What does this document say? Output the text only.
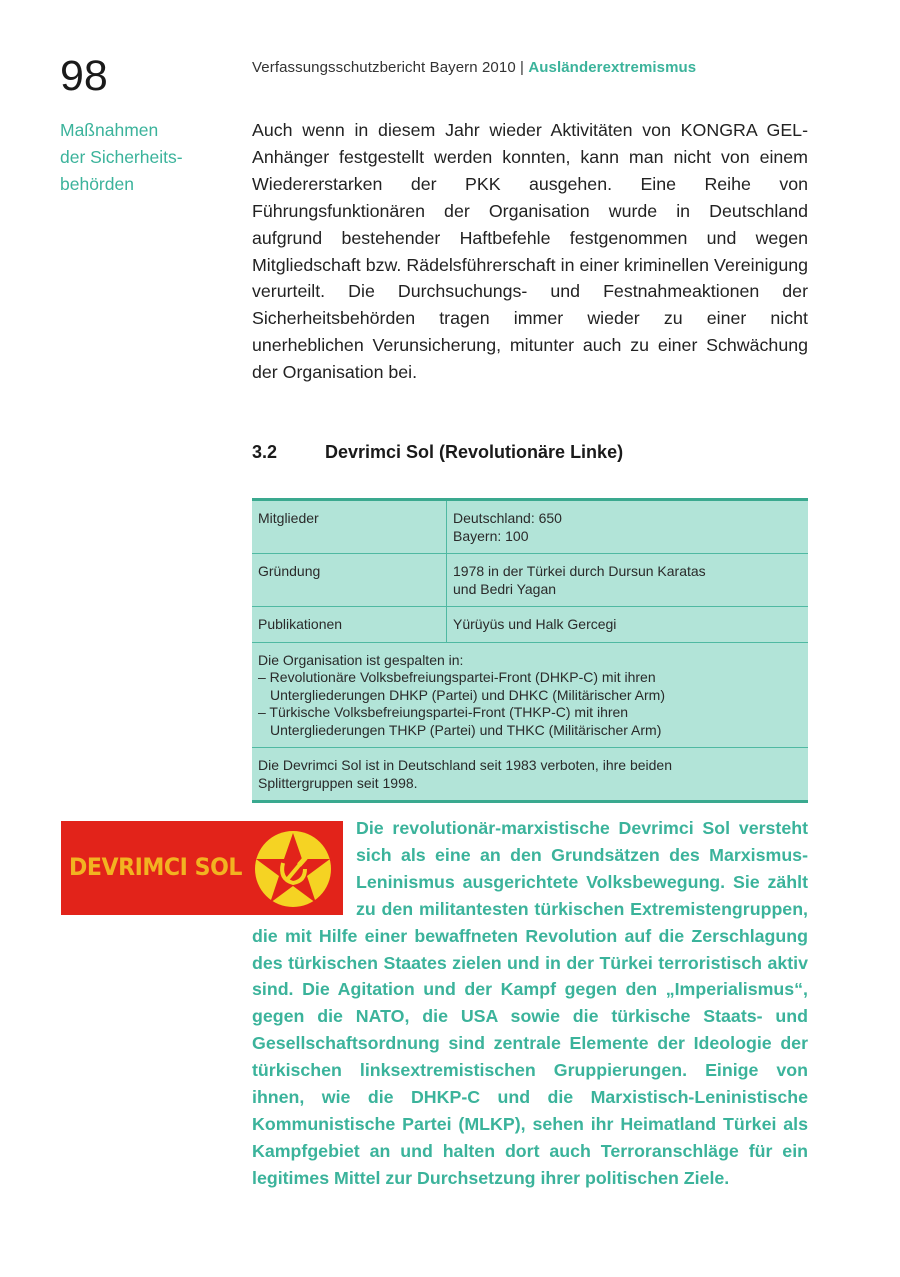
98	Verfassungsschutzbericht Bayern 2010 | Ausländerextremismus
Maßnahmen
der Sicherheits-
behörden
Auch wenn in diesem Jahr wieder Aktivitäten von KONGRA GEL-Anhänger festgestellt werden konnten, kann man nicht von einem Wiedererstarken der PKK ausgehen. Eine Reihe von Führungsfunktionären der Organisation wurde in Deutschland aufgrund bestehender Haftbefehle festgenommen und wegen Mitgliedschaft bzw. Rädelsführerschaft in einer kriminellen Vereinigung verurteilt. Die Durchsuchungs- und Festnahmeaktionen der Sicherheitsbehörden tragen immer wieder zu einer nicht unerheblichen Verunsicherung, mitunter auch zu einer Schwächung der Organisation bei.
3.2	Devrimci Sol (Revolutionäre Linke)
Mitglieder	Deutschland: 650
Bayern: 100

Gründung	1978 in der Türkei durch Dursun Karatas
und Bedri Yagan

Publikationen	Yürüyüs und Halk Gercegi

Die Organisation ist gespalten in:
– Revolutionäre Volksbefreiungspartei-Front (DHKP-C) mit ihren
Untergliederungen DHKP (Partei) und DHKC (Militärischer Arm)
– Türkische Volksbefreiungspartei-Front (THKP-C) mit ihren
Untergliederungen THKP (Partei) und THKC (Militärischer Arm)	

Die Devrimci Sol ist in Deutschland seit 1983 verboten, ihre beiden
Splittergruppen seit 1998.	
DEVRIMCI SOL
Die revolutionär-marxistische Devrimci Sol versteht sich als eine an den Grundsätzen des Marxismus-Leninismus ausgerichtete Volksbewegung. Sie zählt zu den militantesten türkischen Extremistengruppen, die mit Hilfe einer bewaffneten Revolution auf die Zerschlagung des türkischen Staates zielen und in der Türkei terroristisch aktiv sind. Die Agitation und der Kampf gegen den „Imperialismus“, gegen die NATO, die USA sowie die türkische Staats- und Gesellschaftsordnung sind zentrale Elemente der Ideologie der türkischen linksextremistischen Gruppierungen. Einige von ihnen, wie die DHKP-C und die Marxistisch-Leninistische Kommunistische Partei (MLKP), sehen ihr Heimatland Türkei als Kampfgebiet an und halten dort auch Terroranschläge für ein legitimes Mittel zur Durchsetzung ihrer politischen Ziele.
